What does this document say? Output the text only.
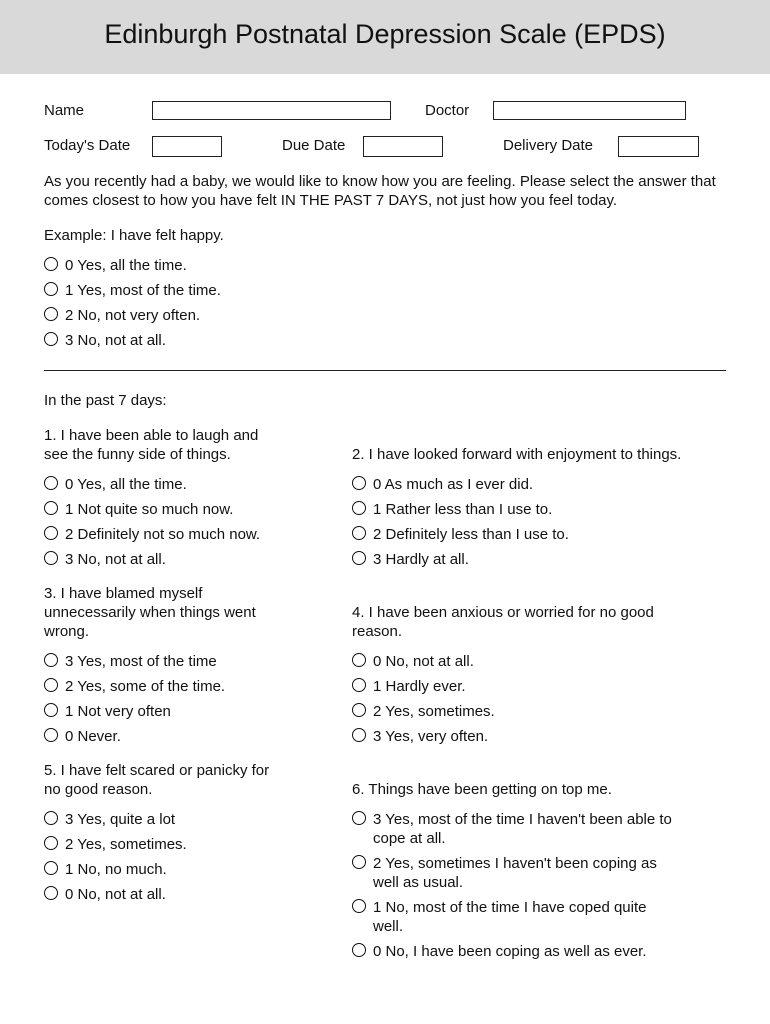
Edinburgh Postnatal Depression Scale (EPDS)
Name	Doctor
Today's Date	Due Date	Delivery Date
As you recently had a baby, we would like to know how you are feeling. Please select the answer that comes closest to how you have felt IN THE PAST 7 DAYS, not just how you feel today.
Example: I have felt happy.
0 Yes, all the time.
1 Yes, most of the time.
2 No, not very often.
3 No, not at all.
In the past 7 days:
1. I have been able to laugh and see the funny side of things.
0 Yes, all the time.
1 Not quite so much now.
2 Definitely not so much now.
3 No, not at all.
2. I have looked forward with enjoyment to things.
0 As much as I ever did.
1 Rather less than I use to.
2 Definitely less than I use to.
3 Hardly at all.
3. I have blamed myself unnecessarily when things went wrong.
3 Yes, most of the time
2 Yes, some of the time.
1 Not very often
0 Never.
4. I have been anxious or worried for no good reason.
0 No, not at all.
1 Hardly ever.
2 Yes, sometimes.
3 Yes, very often.
5. I have felt scared or panicky for no good reason.
3 Yes, quite a lot
2 Yes, sometimes.
1 No, no much.
0 No, not at all.
6. Things have been getting on top me.
3 Yes, most of the time I haven't been able to cope at all.
2 Yes, sometimes I haven't been coping as well as usual.
1 No, most of the time I have coped quite well.
0 No, I have been coping as well as ever.
